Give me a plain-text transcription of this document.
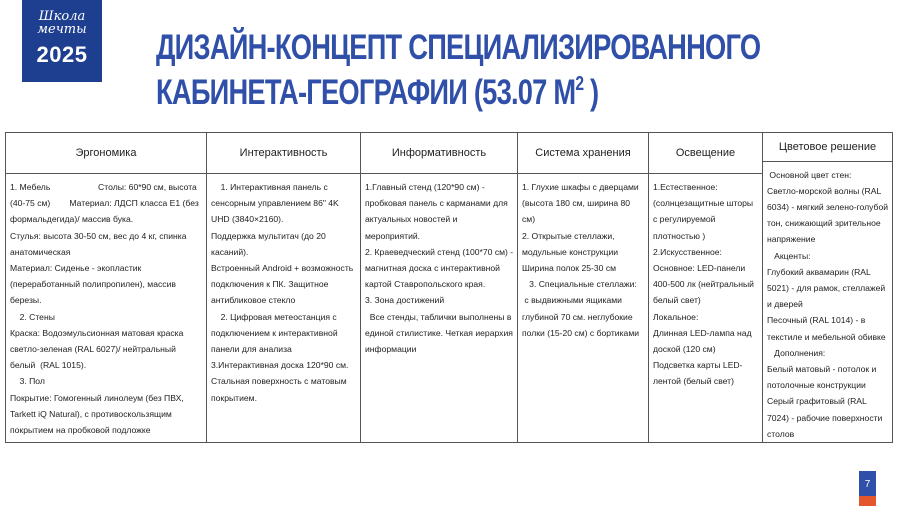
Школа
мечты
2025	ДИЗАЙН-КОНЦЕПТ СПЕЦИАЛИЗИРОВАННОГО
КАБИНЕТА-ГЕОГРАФИИ (53.07 $М^2$ )
Эргономика
1. Мебель                    Столы: 60*90 см, высота  (40-75 см)        Материал: ЛДСП класса Е1 (без формальдегида)/ массив бука.
Стулья: высота 30-50 см, вес до 4 кг, спинка анатомическая
Материал: Сиденье - экопластик (переработанный полипропилен), массив березы.
2. Стены
Краска: Водоэмульсионная матовая краска светло-зеленая (RAL 6027)/ нейтральный белый  (RAL 1015).
3. Пол
Покрытие: Гомогенный линолеум (без ПВХ, Tarkett iQ Natural), с противоскользящим покрытием на пробковой подложке
Интерактивность
1. Интерактивная панель с сенсорным управлением 86" 4K UHD (3840×2160).
Поддержка мультитач (до 20 касаний).
Встроенный Android + возможность подключения к ПК. Защитное антибликовое стекло
2. Цифровая метеостанция с подключением к интерактивной панели для анализа
3.Интерактивная доска 120*90 см.
Стальная поверхность с матовым покрытием.
Информативность
1.Главный стенд (120*90 см) - пробковая панель с карманами для актуальных новостей и мероприятий.
2. Краеведческий стенд (100*70 см) - магнитная доска с интерактивной картой Ставропольского края.
3. Зона достижений
Все стенды, таблички выполнены в единой стилистике. Четкая иерархия информации
Система хранения
1. Глухие шкафы с дверцами (высота 180 см, ширина 80 см)
2. Открытые стеллажи, модульные конструкции
Ширина полок 25-30 см
3. Специальные стеллажи:
с выдвижными ящиками глубиной 70 см. неглубокие полки (15-20 см) с бортиками
Освещение
1.Естественное: (солнцезащитные шторы  с регулируемой плотностью )
2.Искусственное:
Основное: LED-панели 400-500 лк (нейтральный белый свет)
Локальное:
Длинная LED-лампа над доской (120 см)
Подсветка карты LED-лентой (белый свет)
Цветовое решение
Основной цвет стен:
Светло-морской волны (RAL 6034) - мягкий зелено-голубой тон, снижающий зрительное напряжение
Акценты:
Глубокий аквамарин (RAL 5021) - для рамок, стеллажей и дверей
Песочный (RAL 1014) - в текстиле и мебельной обивке
Дополнения:
Белый матовый - потолок и потолочные конструкции
Серый графитовый (RAL 7024) - рабочие поверхности столов
7
